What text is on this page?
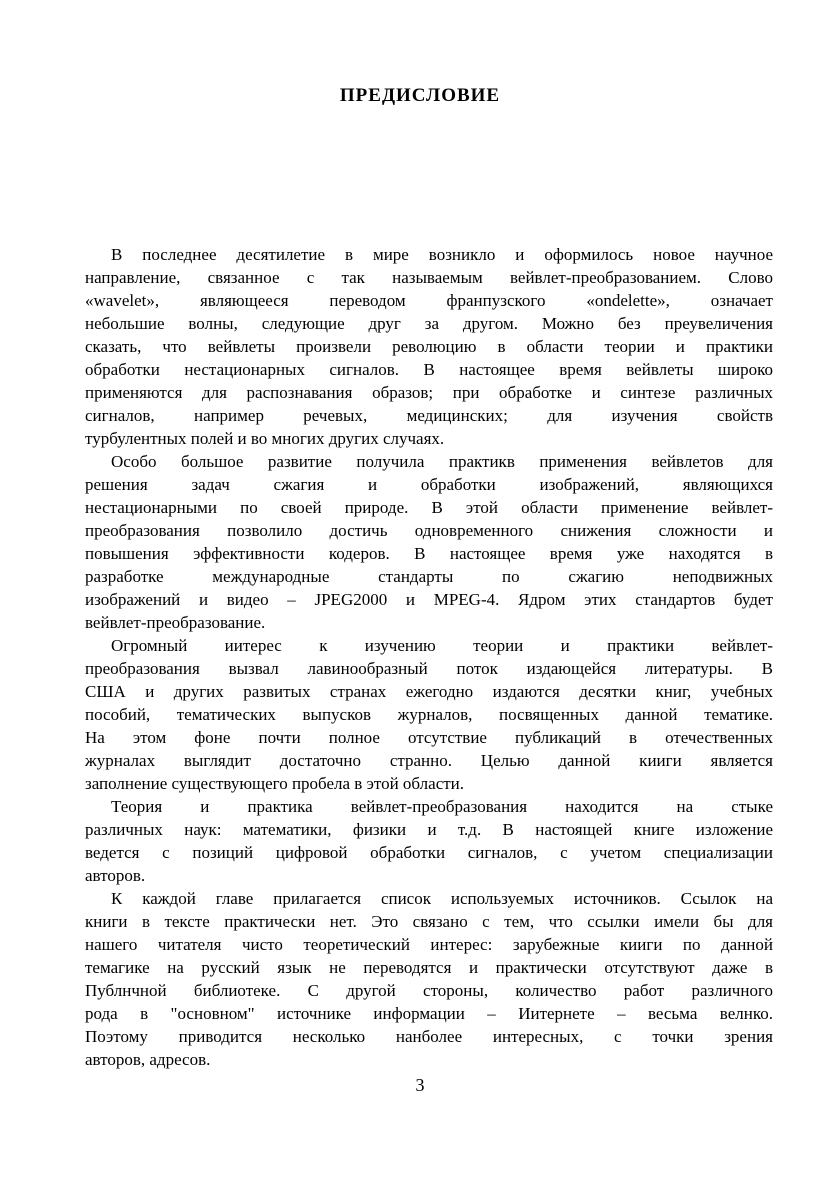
ПРЕДИСЛОВИЕ
В последнее десятилетие в мире возникло и оформилось новое научное
направление, связанное с так называемым вейвлет-преобразованием. Слово
«wavelet», являющееся переводом франпузского «ondelette», означает
небольшие волны, следующие друг за другом. Можно без преувеличения
сказать, что вейвлеты произвели революцию в области теории и практики
обработки нестационарных сигналов. В настоящее время вейвлеты широко
применяются для распознавания образов; при обработке и синтезе различных
сигналов, например речевых, медицинских; для изучения свойств
турбулентных полей и во многих других случаях.
Особо большое развитие получила практикв применения вейвлетов для
решения задач сжагия и обработки изображений, являющихся
нестационарными по своей природе. В этой области применение вейвлет-
преобразования позволило достичь одновременного снижения сложности и
повышения эффективности кодеров. В настоящее время уже находятся в
разработке международные стандарты по сжагию неподвижных
изображений и видео – JPEG2000 и MPEG-4. Ядром этих стандартов будет
вейвлет-преобразование.
Огромный иитерес к изучению теории и практики вейвлет-
преобразования вызвал лавинообразный поток издающейся литературы. В
США и других развитых странах ежегодно издаются десятки книг, учебных
пособий, тематических выпусков журналов, посвященных данной тематике.
На этом фоне почти полное отсутствие публикаций в отечественных
журналах выглядит достаточно странно. Целью данной кииги является
заполнение существующего пробела в этой области.
Теория и практика вейвлет-преобразования находится на стыке
различных наук: математики, физики и т.д. В настоящей книге изложение
ведется с позиций цифровой обработки сигналов, с учетом специализации
авторов.
К каждой главе прилагается список используемых источников. Ссылок на
книги в тексте практически нет. Это связано с тем, что ссылки имели бы для
нашего читателя чисто теоретический интерес: зарубежные кииги по данной
темагике на русский язык не переводятся и практически отсутствуют даже в
Публнчной библиотеке. С другой стороны, количество работ различного
рода в "основном" источнике информации – Иитернете – весьма велнко.
Поэтому приводится несколько нанболее интересных, с точки зрения
авторов, адресов.
3
